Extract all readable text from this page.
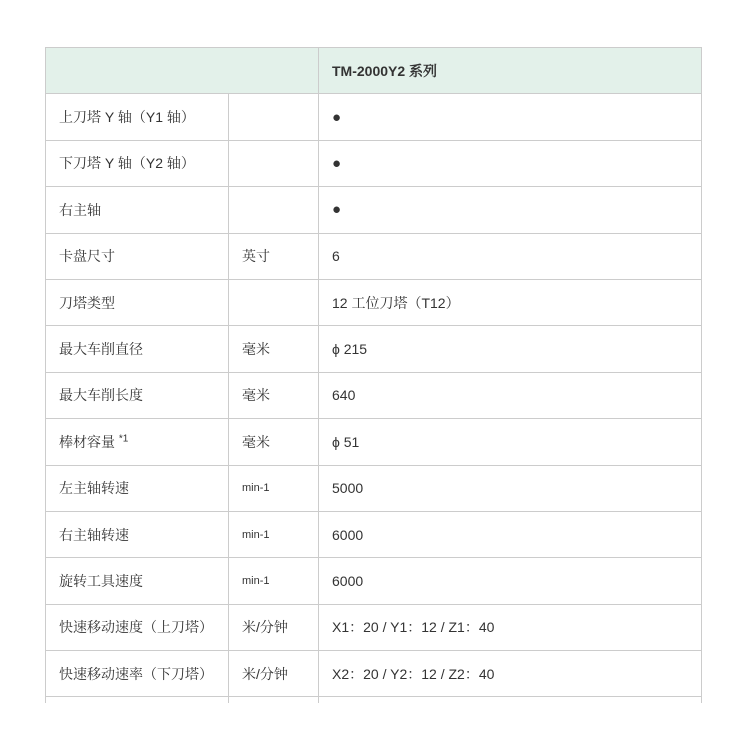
		TM-2000Y2 系列
上刀塔 Y 轴（Y1 轴）		●
下刀塔 Y 轴（Y2 轴）		●
右主轴		●
卡盘尺寸	英寸	6
刀塔类型		12 工位刀塔（T12）
最大车削直径	毫米	ϕ 215
最大车削长度	毫米	640
棒材容量 $^{*1}$	毫米	ϕ 51
左主轴转速	min-1	5000
右主轴转速	min-1	6000
旋转工具速度	min-1	6000
快速移动速度（上刀塔）	米/分钟	X1：20 / Y1：12 / Z1：40
快速移动速率（下刀塔）	米/分钟	X2：20 / Y2：12 / Z2：40
